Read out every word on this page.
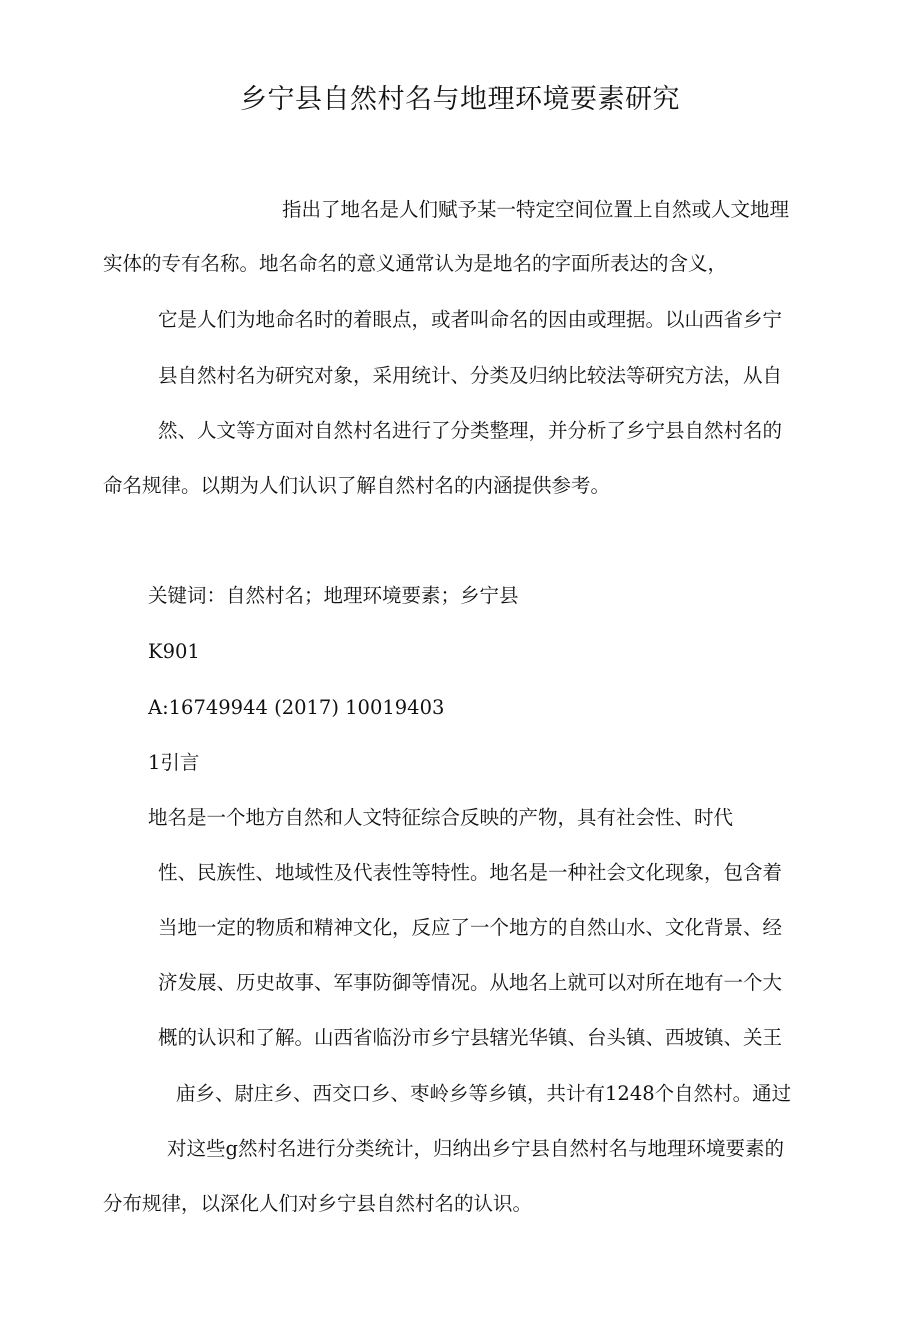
乡宁县自然村名与地理环境要素研究
指出了地名是人们赋予某一特定空间位置上自然或人文地理
实体的专有名称。地名命名的意义通常认为是地名的字面所表达的含义，
它是人们为地命名时的着眼点，或者叫命名的因由或理据。以山西省乡宁
县自然村名为研究对象，采用统计、分类及归纳比较法等研究方法，从自
然、人文等方面对自然村名进行了分类整理，并分析了乡宁县自然村名的
命名规律。以期为人们认识了解自然村名的内涵提供参考。
关键词：自然村名；地理环境要素；乡宁县
K901
A:16749944 (2017) 10019403
1引言
地名是一个地方自然和人文特征综合反映的产物，具有社会性、时代
性、民族性、地域性及代表性等特性。地名是一种社会文化现象，包含着
当地一定的物质和精神文化，反应了一个地方的自然山水、文化背景、经
济发展、历史故事、军事防御等情况。从地名上就可以对所在地有一个大
概的认识和了解。山西省临汾市乡宁县辖光华镇、台头镇、西坡镇、关王
庙乡、尉庄乡、西交口乡、枣岭乡等乡镇，共计有1248个自然村。通过
对这些g然村名进行分类统计，归纳出乡宁县自然村名与地理环境要素的
分布规律，以深化人们对乡宁县自然村名的认识。
